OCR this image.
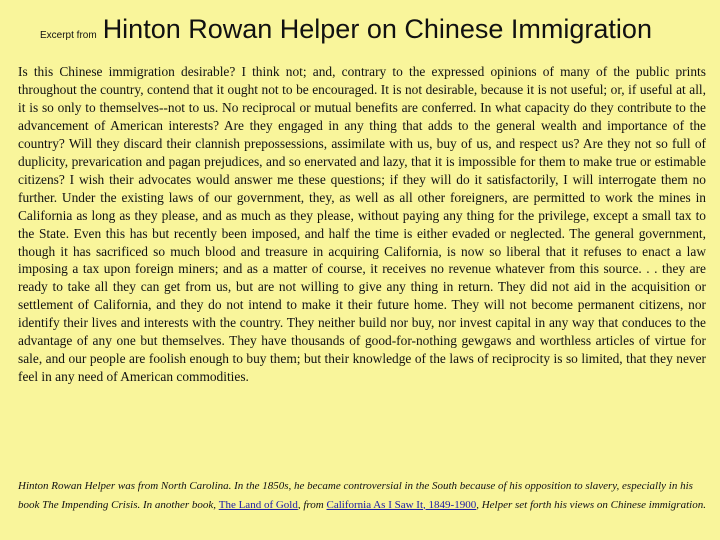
Excerpt from Hinton Rowan Helper on Chinese Immigration

Is this Chinese immigration desirable? I think not; and, contrary to the expressed opinions of many of the public prints throughout the country, contend that it ought not to be encouraged. It is not desirable, because it is not useful; or, if useful at all, it is so only to themselves--not to us. No reciprocal or mutual benefits are conferred. In what capacity do they contribute to the advancement of American interests? Are they engaged in any thing that adds to the general wealth and importance of the country? Will they discard their clannish prepossessions, assimilate with us, buy of us, and respect us? Are they not so full of duplicity, prevarication and pagan prejudices, and so enervated and lazy, that it is impossible for them to make true or estimable citizens? I wish their advocates would answer me these questions; if they will do it satisfactorily, I will interrogate them no further. Under the existing laws of our government, they, as well as all other foreigners, are permitted to work the mines in California as long as they please, and as much as they please, without paying any thing for the privilege, except a small tax to the State. Even this has but recently been imposed, and half the time is either evaded or neglected. The general government, though it has sacrificed so much blood and treasure in acquiring California, is now so liberal that it refuses to enact a law imposing a tax upon foreign miners; and as a matter of course, it receives no revenue whatever from this source. . . they are ready to take all they can get from us, but are not willing to give any thing in return. They did not aid in the acquisition or settlement of California, and they do not intend to make it their future home. They will not become permanent citizens, nor identify their lives and interests with the country. They neither build nor buy, nor invest capital in any way that conduces to the advantage of any one but themselves. They have thousands of good-for-nothing gewgaws and worthless articles of virtue for sale, and our people are foolish enough to buy them; but their knowledge of the laws of reciprocity is so limited, that they never feel in any need of American commodities.

Hinton Rowan Helper was from North Carolina. In the 1850s, he became controversial in the South because of his opposition to slavery, especially in his book The Impending Crisis. In another book, The Land of Gold, from California As I Saw It, 1849-1900, Helper set forth his views on Chinese immigration.
